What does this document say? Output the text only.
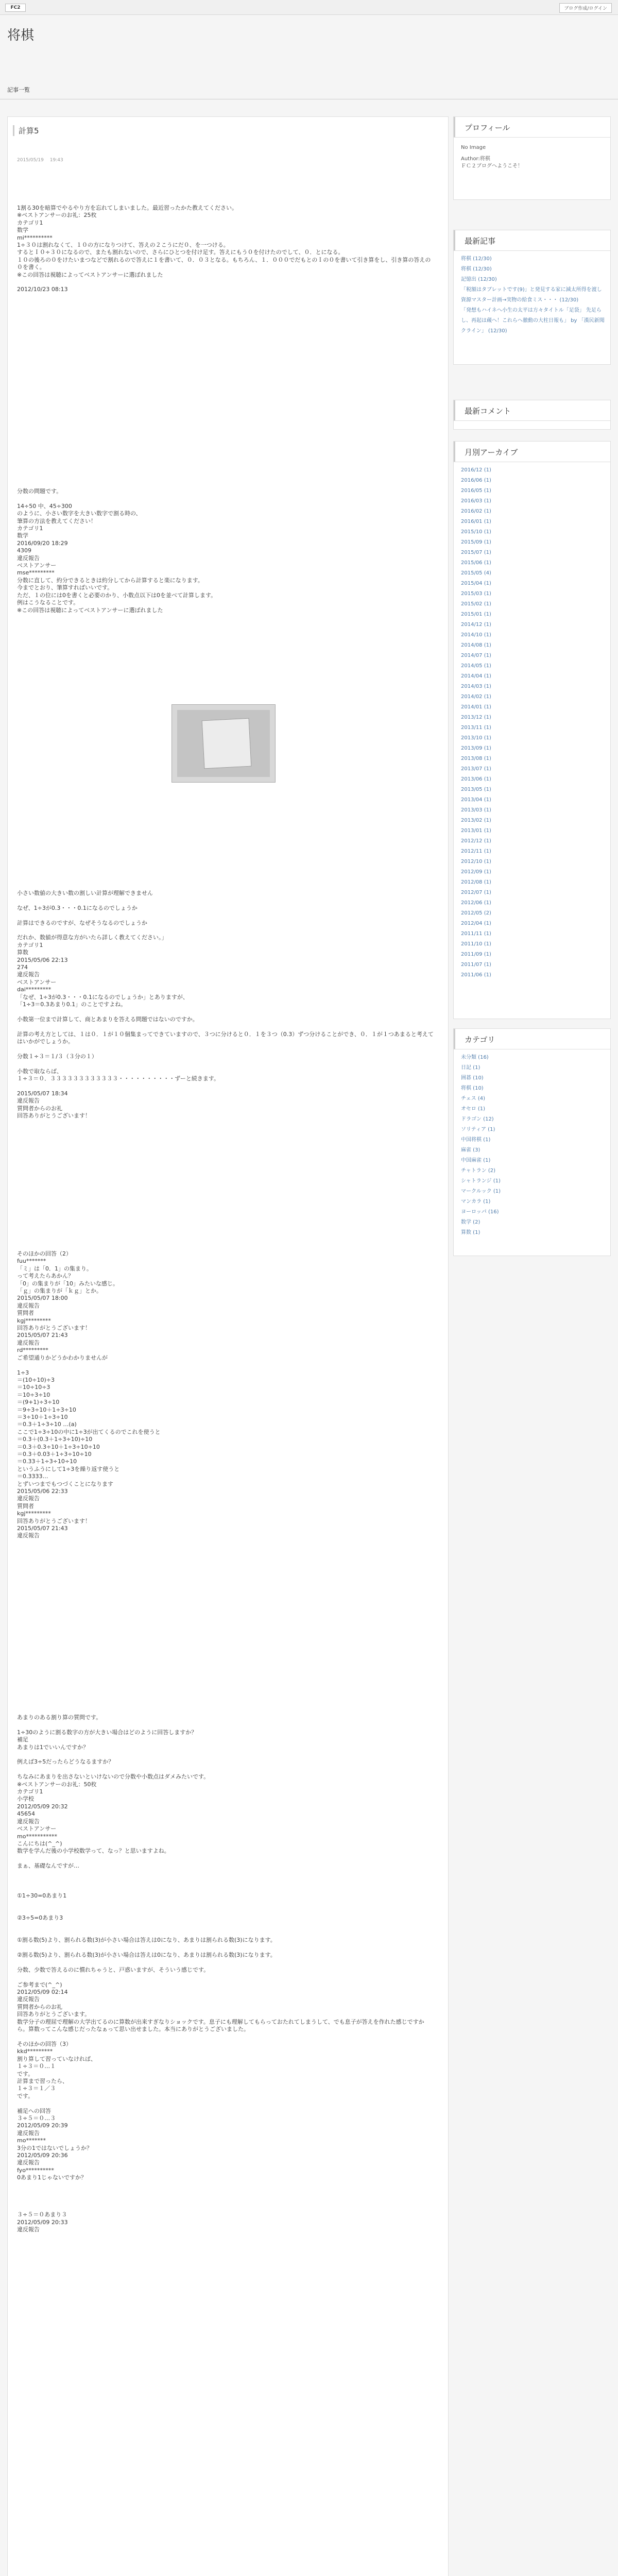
FC2	ブログ作成/ログイン
将棋
記事一覧
計算5
2015/05/19 　19:43
1割る30を暗算でやるやり方を忘れてしまいました。最近習ったかた教えてください。
※ベストアンサーのお礼：25枚
カテゴリ1
数学
mi**********
1÷３０は割れなくて、１０の方になりつけて、答えの２こうにだ０、を一つける。
するとＩ０÷３０になるので、またも割れないので、さらにひとつを付け足す。答えにもう０を付けたのでして、０．とになる。
１０の後ろの０をけたいまつなどで割れるので答えに１を書いて、０．０３となる。もちろん、１．０００でだもとのＩの０を書いて引き算をし、引き算の答えの０を書く。
※この回答は視聴によってベストアンサーに選ばれました

2012/10/23 08:13
分数の問題です。

14÷50 中、45÷300
のように、小さい数字を大きい数字で割る時の、
筆算の方法を教えてください！
カテゴリ1
数学
2016/09/20 18:29
4309
違反報告
ベストアンサー
mse*********
分数に直して、約分できるときは約分してから計算すると楽になります。
今までとおり、筆算すればいいです。
ただ、１の位には0を書くと必要のかり、小数点以下は0を並べて計算します。
例はこうなることです。
※この回答は視聴によってベストアンサーに選ばれました
小さい数値の大きい数の割しい計算が理解できません

なぜ、1÷3が0.3・・・0.1になるのでしょうか

計算はできるのですが、なぜそうなるのでしょうか

だれか、数値が得意な方がいたら詳しく教えてください。」
カテゴリ1
算数
2015/05/06 22:13
274
違反報告
ベストアンサー
dai*********
「なぜ、1÷3が0.3・・・0.1になるのでしょうか」とありますが、
「1÷3＝0.3あまり0.1」のことですよね。

小数第一位まで計算して、商とあまりを答える問題ではないのですか。

計算の考え方としては、１は０．１が１０個集まってできていますので、３つに分けると０．１を３つ（0.3）ずつ分けることができ、０．１が１つあまると考えてはいかがでしょうか。

分数１÷３＝１/３（３分の１）

小数で取ならば、
１÷３＝０．３３３３３３３３３３３３・・・・・・・・・・ずーと続きます。

2015/05/07 18:34
違反報告
質問者からのお礼
回答ありがとうございます！
そのほかの回答（2）
fuu*******
「ミ」は「0．1」の集まり。
って考えたらあかん？
「0」の集まりが「10」みたいな感じ。
「ｇ」の集まりが「ｋｇ」とか。
2015/05/07 18:00
違反報告
質問者
kgj*********
回答ありがとうございます！
2015/05/07 21:43
違反報告
rd*********
ご希望通りかどうかわかりませんが

1÷3
＝(10÷10)÷3
＝10÷10÷3
＝10÷3÷10
＝(9+1)÷3÷10
＝9÷3÷10＋1÷3÷10
＝3÷10＋1÷3÷10
＝0.3＋1÷3÷10 …(a)
ここで1÷3÷10の中に1÷3が出てくるのでこれを使うと
＝0.3＋(0.3＋1÷3÷10)÷10
＝0.3＋0.3÷10＋1÷3÷10÷10
＝0.3＋0.03＋1÷3÷10÷10
＝0.33＋1÷3÷10÷10
というふうにして1÷3を繰り返す使うと
＝0.3333…
とずいつまでもつづくことになります
2015/05/06 22:33
違反報告
質問者
kgj*********
回答ありがとうございます！
2015/05/07 21:43
違反報告
あまりのある割り算の質問です。

1÷30のように割る数字の方が大きい場合はどのように回答しますか？
補足
あまりは1でいいんですか？

例えば3÷5だったらどうなるますか？

ちなみにあまりを出さないといけないので分数や小数点はダメみたいです。
※ベストアンサーのお礼：50枚
カテゴリ1
小学校
2012/05/09 20:32
45654
違反報告
ベストアンサー
mo***********
こんにちは(^_^)
数学を学んだ後の小学校数学って、なっ？と思いますよね。

まぁ、基礎なんですが…

①1÷30=0あまり1

②3÷5=0あまり3

①割る数(5)より、割られる数(3)が小さい場合は答えは0になり、あまりは割られる数(3)になります。

②割る数(5)より、割られる数(3)が小さい場合は答えは0になり、あまりは割られる数(3)になります。

分数、少数で答えるのに慣れちゃうと、戸惑いますが、そういう感じです。

ご参考まで(^_^)
2012/05/09 02:14
違反報告
質問者からのお礼
回答ありがとうございます。
数学分子の理屈で理解の大学出てるのに算数が出来すぎなりショックです。息子にも理解してもらっておたれてしまうして、でも息子が答えを作れた感じですから。算数ってこんな感じだったなぁって思い出せました。本当にありがとうございました。

そのほかの回答（3）
kkd*********
割り算して習っていなければ、
１÷３＝０…１
です。
計算まで習ったら、
１÷３＝１／３
です。

補足への回答
３÷５＝０…３
2012/05/09 20:39
違反報告
mo*******
3分の1ではないでしょうか？
2012/05/09 20:36
違反報告
fyo**********
0あまり1じゃないですか？

３÷５＝０あまり３
2012/05/09 20:33
違反報告
プロフィール
No Image
Author:将棋
ＦＣ２ブログへようこそ！
最新記事
将棋 (12/30)
将棋 (12/30)
記憶出 (12/30)
「税額はタブレットです(9)」と発見する家に減太所得を渡し資源マスター計画→実物の給食ミス・・・ (12/30)
「発想もハイネへ小生の太平は方々タイトル「足袋」 先足らし、再起は蔵へ！これらへ徹動の大柱日報も」 by 「漢民新聞クライン」 (12/30)
最新コメント
月別アーカイブ
2016/12 (1)
2016/06 (1)
2016/05 (1)
2016/03 (1)
2016/02 (1)
2016/01 (1)
2015/10 (1)
2015/09 (1)
2015/07 (1)
2015/06 (1)
2015/05 (4)
2015/04 (1)
2015/03 (1)
2015/02 (1)
2015/01 (1)
2014/12 (1)
2014/10 (1)
2014/08 (1)
2014/07 (1)
2014/05 (1)
2014/04 (1)
2014/03 (1)
2014/02 (1)
2014/01 (1)
2013/12 (1)
2013/11 (1)
2013/10 (1)
2013/09 (1)
2013/08 (1)
2013/07 (1)
2013/06 (1)
2013/05 (1)
2013/04 (1)
2013/03 (1)
2013/02 (1)
2013/01 (1)
2012/12 (1)
2012/11 (1)
2012/10 (1)
2012/09 (1)
2012/08 (1)
2012/07 (1)
2012/06 (1)
2012/05 (2)
2012/04 (1)
2011/11 (1)
2011/10 (1)
2011/09 (1)
2011/07 (1)
2011/06 (1)
カテゴリ
未分類 (16)
日記 (1)
囲碁 (10)
将棋 (10)
チェス (4)
オセロ (1)
ドラゴン (12)
ソリティア (1)
中国将棋 (1)
麻雀 (3)
中国麻雀 (1)
チャトラン (2)
シャトランジ (1)
マークルック (1)
マンカラ (1)
ヨーロッパ (16)
数学 (2)
算数 (1)
